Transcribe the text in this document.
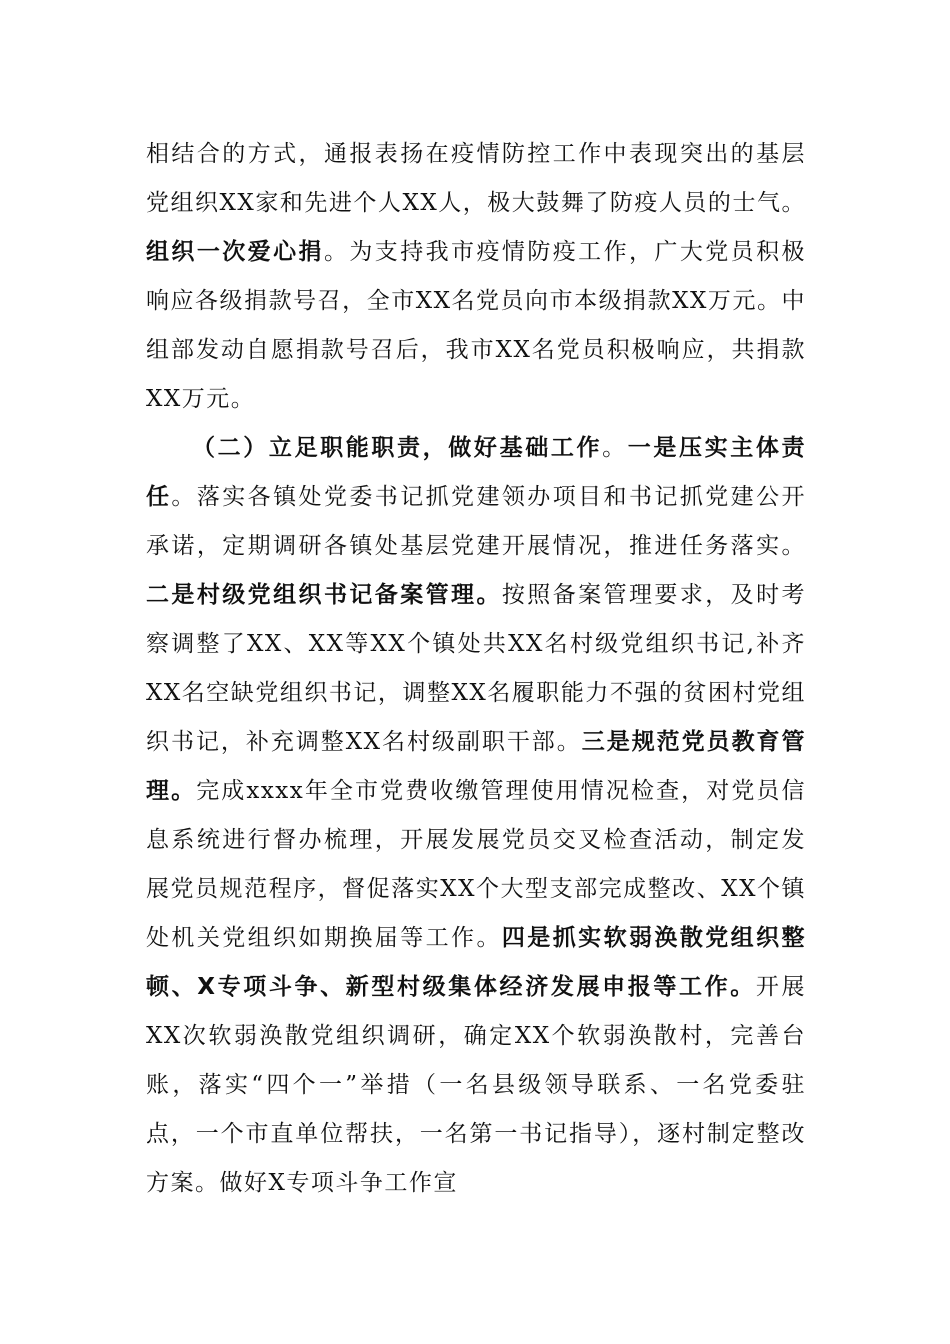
相结合的方式，通报表扬在疫情防控工作中表现突出的基层党组织XX家和先进个人XX人，极大鼓舞了防疫人员的士气。组织一次爱心捐。为支持我市疫情防疫工作，广大党员积极响应各级捐款号召，全市XX名党员向市本级捐款XX万元。中组部发动自愿捐款号召后，我市XX名党员积极响应，共捐款XX万元。

（二）立足职能职责，做好基础工作。一是压实主体责任。落实各镇处党委书记抓党建领办项目和书记抓党建公开承诺，定期调研各镇处基层党建开展情况，推进任务落实。二是村级党组织书记备案管理。按照备案管理要求，及时考察调整了XX、XX等XX个镇处共XX名村级党组织书记,补齐XX名空缺党组织书记，调整XX名履职能力不强的贫困村党组织书记，补充调整XX名村级副职干部。三是规范党员教育管理。完成xxxx年全市党费收缴管理使用情况检查，对党员信息系统进行督办梳理，开展发展党员交叉检查活动，制定发展党员规范程序，督促落实XX个大型支部完成整改、XX个镇处机关党组织如期换届等工作。四是抓实软弱涣散党组织整顿、X专项斗争、新型村级集体经济发展申报等工作。开展XX次软弱涣散党组织调研，确定XX个软弱涣散村，完善台账，落实“四个一”举措（一名县级领导联系、一名党委驻点，一个市直单位帮扶，一名第一书记指导），逐村制定整改方案。做好X专项斗争工作宣
